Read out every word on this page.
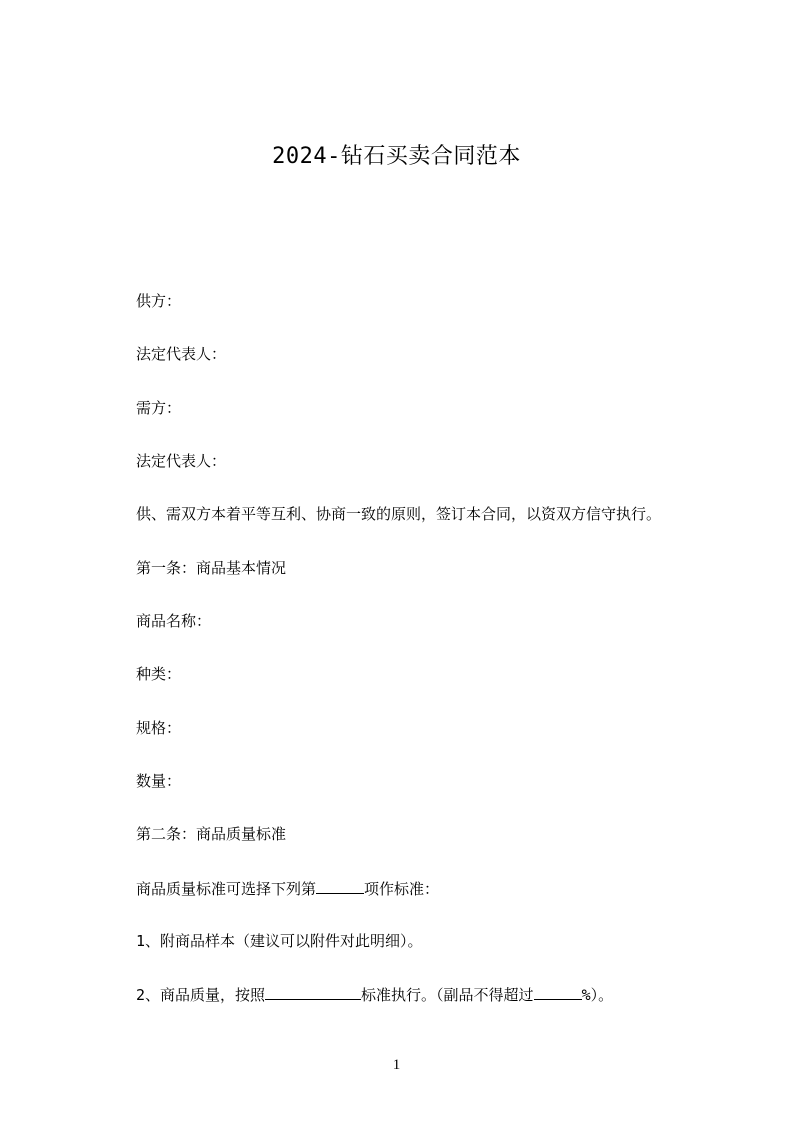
2024-钻石买卖合同范本
供方：
法定代表人：
需方：
法定代表人：
供、需双方本着平等互利、协商一致的原则，签订本合同，以资双方信守执行。
第一条：商品基本情况
商品名称：
种类：
规格：
数量：
第二条：商品质量标准
商品质量标准可选择下列第	项作标准：
1、附商品样本（建议可以附件对此明细）。
2、商品质量，按照	标准执行。（副品不得超过	%）。
1
